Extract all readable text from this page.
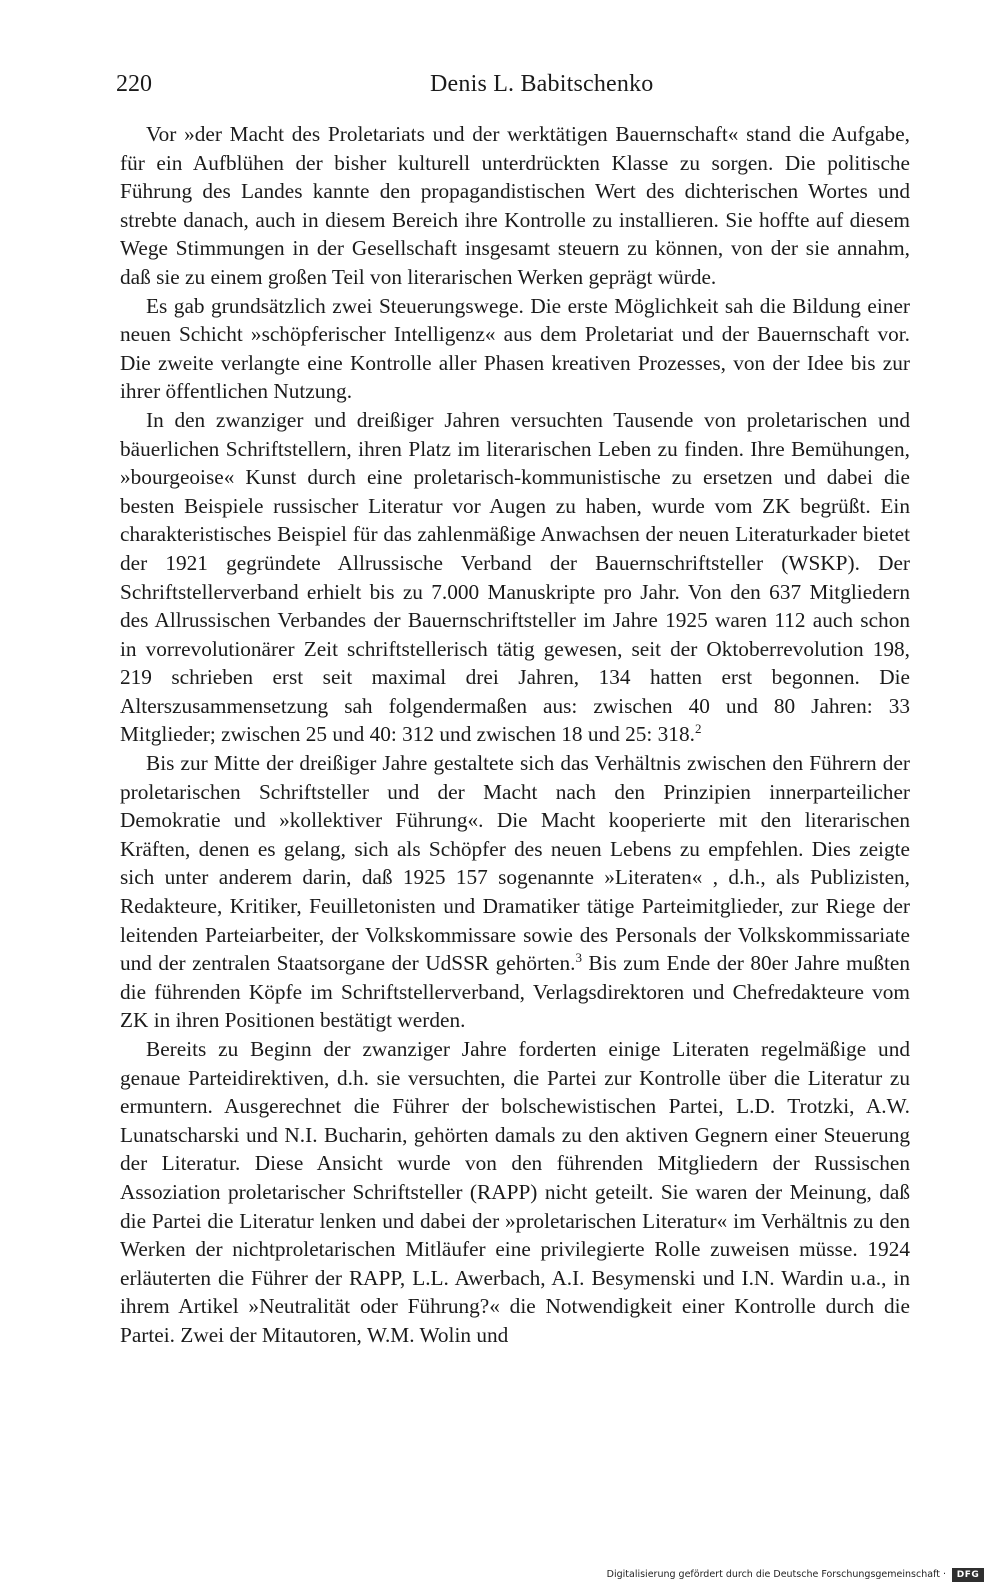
220	Denis L. Babitschenko

Vor »der Macht des Proletariats und der werktätigen Bauernschaft« stand die Aufgabe, für ein Aufblühen der bisher kulturell unterdrückten Klasse zu sorgen. Die politische Führung des Landes kannte den propagandistischen Wert des dichterischen Wortes und strebte danach, auch in diesem Bereich ihre Kontrolle zu installieren. Sie hoffte auf diesem Wege Stimmungen in der Gesellschaft insgesamt steuern zu können, von der sie annahm, daß sie zu einem großen Teil von literarischen Werken geprägt würde.

Es gab grundsätzlich zwei Steuerungswege. Die erste Möglichkeit sah die Bildung einer neuen Schicht »schöpferischer Intelligenz« aus dem Proletariat und der Bauernschaft vor. Die zweite verlangte eine Kontrolle aller Phasen kreativen Prozesses, von der Idee bis zur ihrer öffentlichen Nutzung.

In den zwanziger und dreißiger Jahren versuchten Tausende von proletarischen und bäuerlichen Schriftstellern, ihren Platz im literarischen Leben zu finden. Ihre Bemühungen, »bourgeoise« Kunst durch eine proletarisch-kommunistische zu ersetzen und dabei die besten Beispiele russischer Literatur vor Augen zu haben, wurde vom ZK begrüßt. Ein charakteristisches Beispiel für das zahlenmäßige Anwachsen der neuen Literaturkader bietet der 1921 gegründete Allrussische Verband der Bauernschriftsteller (WSKP). Der Schriftstellerverband erhielt bis zu 7.000 Manuskripte pro Jahr. Von den 637 Mitgliedern des Allrussischen Verbandes der Bauernschriftsteller im Jahre 1925 waren 112 auch schon in vorrevolutionärer Zeit schriftstellerisch tätig gewesen, seit der Oktoberrevolution 198, 219 schrieben erst seit maximal drei Jahren, 134 hatten erst begonnen. Die Alterszusammensetzung sah folgendermaßen aus: zwischen 40 und 80 Jahren: 33 Mitglieder; zwischen 25 und 40: 312 und zwischen 18 und 25: 318.$^2$

Bis zur Mitte der dreißiger Jahre gestaltete sich das Verhältnis zwischen den Führern der proletarischen Schriftsteller und der Macht nach den Prinzipien innerparteilicher Demokratie und »kollektiver Führung«. Die Macht kooperierte mit den literarischen Kräften, denen es gelang, sich als Schöpfer des neuen Lebens zu empfehlen. Dies zeigte sich unter anderem darin, daß 1925 157 sogenannte »Literaten« , d.h., als Publizisten, Redakteure, Kritiker, Feuilletonisten und Dramatiker tätige Parteimitglieder, zur Riege der leitenden Parteiarbeiter, der Volkskommissare sowie des Personals der Volkskommissariate und der zentralen Staatsorgane der UdSSR gehörten.$^3$ Bis zum Ende der 80er Jahre mußten die führenden Köpfe im Schriftstellerverband, Verlagsdirektoren und Chefredakteure vom ZK in ihren Positionen bestätigt werden.

Bereits zu Beginn der zwanziger Jahre forderten einige Literaten regelmäßige und genaue Parteidirektiven, d.h. sie versuchten, die Partei zur Kontrolle über die Literatur zu ermuntern. Ausgerechnet die Führer der bolschewistischen Partei, L.D. Trotzki, A.W. Lunatscharski und N.I. Bucharin, gehörten damals zu den aktiven Gegnern einer Steuerung der Literatur. Diese Ansicht wurde von den führenden Mitgliedern der Russischen Assoziation proletarischer Schriftsteller (RAPP) nicht geteilt. Sie waren der Meinung, daß die Partei die Literatur lenken und dabei der »proletarischen Literatur« im Verhältnis zu den Werken der nichtproletarischen Mitläufer eine privilegierte Rolle zuweisen müsse. 1924 erläuterten die Führer der RAPP, L.L. Awerbach, A.I. Besymenski und I.N. Wardin u.a., in ihrem Artikel »Neutralität oder Führung?« die Notwendigkeit einer Kontrolle durch die Partei. Zwei der Mitautoren, W.M. Wolin und

Digitalisierung gefördert durch die Deutsche Forschungsgemeinschaft ·	DFG
